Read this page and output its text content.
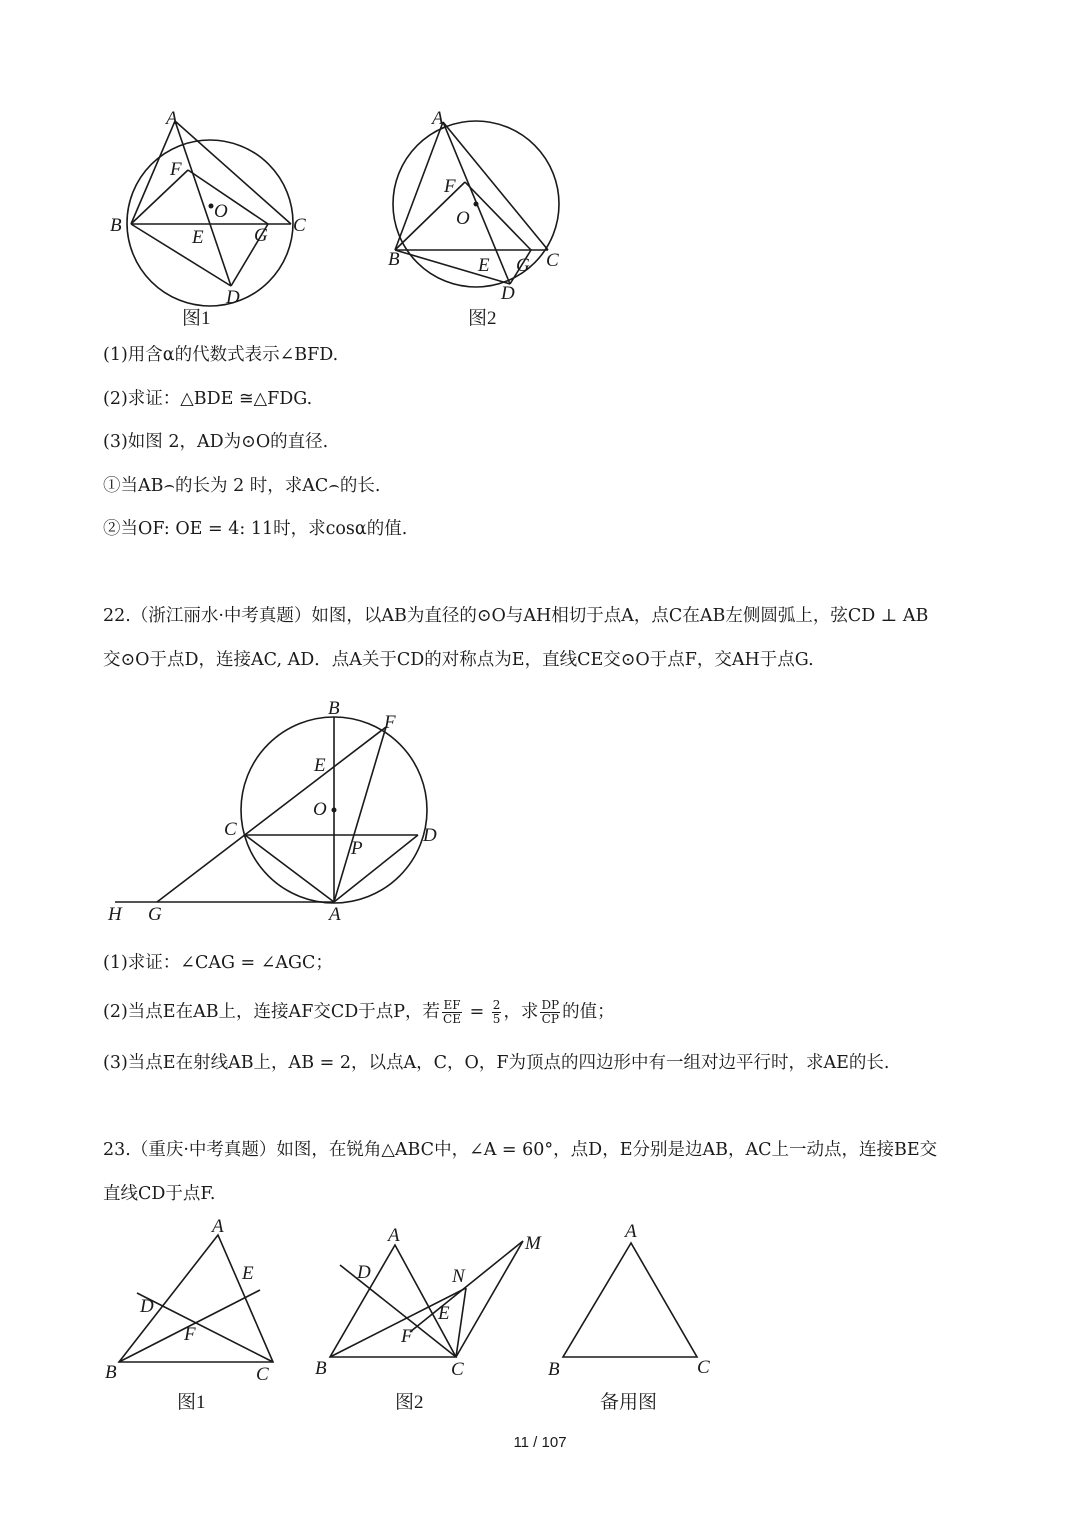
A
F
B
O
C
E	G
D
图1
A
F
O
B	E G C
D
图2
(1)用含α的代数式表示∠BFD.
(2)求证：△BDE ≅△FDG.
(3)如图 2，AD为⊙O的直径.
①当AB⌢的长为 2 时，求AC⌢的长.
②当OF: OE = 4: 11时，求cosα的值.
22.（浙江丽水·中考真题）如图，以AB为直径的⊙O与AH相切于点A，点C在AB左侧圆弧上，弦CD ⊥ AB
交⊙O于点D，连接AC, AD．点A关于CD的对称点为E，直线CE交⊙O于点F，交AH于点G.
B
F
E
O
C	D
P
H G	A
(1)求证：∠CAG = ∠AGC；
(2)当点E在AB上，连接AF交CD于点P，若 $\frac{EF}{CE} = \frac{2}{5}$ ，求 $\frac{DP}{CP}$ 的值；
(3)当点E在射线AB上，AB = 2，以点A，C，O，F为顶点的四边形中有一组对边平行时，求AE的长.
23.（重庆·中考真题）如图，在锐角△ABC中，∠A = 60°，点D，E分别是边AB，AC上一动点，连接BE交
直线CD于点F.
A
E
D
F
B	C
图1
A	M
D	N
E
F
B	C
图2
A
B	C
备用图
11 / 107
